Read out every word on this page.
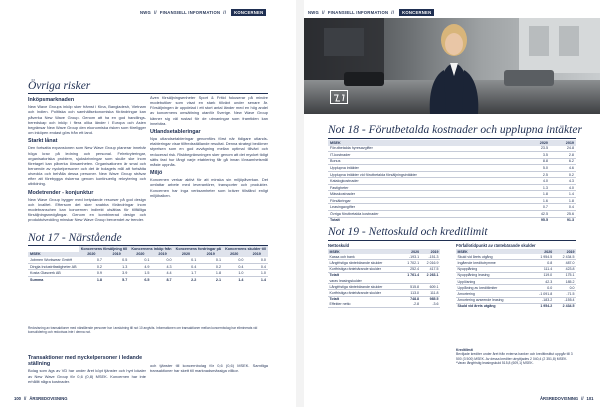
NWG // FINANSIELL INFORMATION // KONCERNEN
Övriga risker
Inköpsmarknaden

New Wave Groups inköp sker främst i Kina, Bangladesh, Vietnam och Indien. Politiska och samhällsekonomiska förändringar kan påverka New Wave Group. Genom att ha en god handlingsberedskap och inköp i flera olika länder i Europa och Asien begränsar New Wave Group den ekonomiska risken som föreligger om inköpen endast görs från ett land.

Starkt lånat

Den fortsatta expansionen som New Wave Group planerar innebär höga krav på ledning och personal. Felrekryteringar, organisatoriska problem, sjukskrivningar som skulle ske inom företaget kan påverka lönsamheten. Organisationen är smal och beroende av nyckelpersoner och det är bolagets mål att fortsätta utveckla och behålla dessa personer. New Wave Group strävar efter att förebygga riskerna genom kontinuerlig rekrytering och utbildning.

Modetrender - konjunktur

New Wave Group bygger med betydande resurser på god design och kvalitet. Eftersom det sker snabba förändringar inom modebranschen kan koncernen indirekt utsättas för tillfälliga försäljningsnedgångar. Genom en kombinerad design och produktutveckling minskar New Wave Group beroendet av trender.

Även försäljningsenheter Sport & Fritid fokuserar på mindre modebutiker som visat en stark tillväxt under senare år. Försäljningen är uppdelad i ett stort antal länder med en hög andel av koncernens omsättning utanför Sverige. New Wave Group känner sig väl rustad för de utmaningar som framtiden kan innebära.

Utlandsetableringar

Nya utlandsetableringar genomförs först när tidigare utlandsetableringar visar tillfredsställande resultat. Denna strategi bedömer styrelsen som en god avvägning mellan optimal tillväxt och reducerad risk. Riskbegränsningen sker genom att det mycket tidigt sätts fast hur långt varje etablering får gå innan lönsamhetsmål måste uppnås.

Miljö

Koncernen verkar aktivt för att minska sin miljöpåverkan. Det omfattar arbete med leverantörer, transporter och produkter. Koncernen har inga verksamheter som kräver tillstånd enligt miljöbalken.

Not 17 - Närstående
	Koncernens försäljning till		Koncernens inköp från		Koncernens fordringar på		Koncernens skulder till	
MSEK	2020	2019	2020	2019	2020	2019	2020	2019
Jobmen Workwear GmbH	0.7	0.5	0.1	0.0	0.1	0.1	0.0	0.0
Dingla Industrifastigheter AB	0.2	1.3	4.9	4.3	0.4	0.2	0.4	0.4
Kosta Glasverk AB	0.9	3.9	1.5	4.4	1.7	1.8	1.0	1.0
Summa	1.8	5.7	6.5	8.7	2.2	2.1	1.4	1.4
Redovisning av transaktioner med närstående personer har i anslutning till not 10 angivits. Informationen om transaktioner mellan koncernbolag har eliminerats vid konsolidering och redovisas inte i denna not.
Transaktioner med nyckelpersoner i ledande ställning

Bolag som ägs av VD har under året köpt tjänster och hyrt lokaler av New Wave Group för 0,6 (0,8) MSEK. Koncernen har inte erhållit några kostnader.

och tjänster till koncernbolag för 0,6 (0,6) MSEK. Samtliga transaktioner har skett till marknadsmässiga villkor.

100 // ÅRSREDOVISNING
NWG // FINANSIELL INFORMATION // KONCERNEN
Not 18 - Förutbetalda kostnader och upplupna intäkter
MSEK	2020	2019
Förutbetalda hyresavgifter	23.5	24.8
IT-kostnader	3.5	2.8
Bonus	8.8	6.2
Upplupna intäkter	5.0	4.6
Upplupna intäkter vid förutbetalda försäljningsintäkter	2.5	0.2
Katalogkostnader	4.0	4.3
Fastigheter	1.3	4.0
Mässkostnader	1.8	1.4
Försäkringar	1.6	1.8
Leasingavgifter	0.7	0.4
Övriga förutbetalda kostnader	42.5	25.6
Totalt	95.5	91.3
Not 19 - Nettoskuld och kreditlimit
Nettoskuld		
MSEK	2020	2019
Kassa och bank	-193.1	-151.3
Långfristiga räntebärande skulder	1 702.1	2 016.9
Kortfristiga räntebärande skulder	252.4	417.5
Totalt	1 761.4	2 263.1

varav leasingskulder		
Långfristiga räntebärande skulder	515.8	609.1
Kortfristiga räntebärande skulder	113.0	111.8
Totalt	748.8	985.5

Effekter netto	-2.8	-3.6
Förfallotidpunkt av räntebärande skulder		
MSEK	2020	2019
Skuld vid årets utgång	1 954.5	2 434.5
Ingående kreditutrymme	0.8	487.0
Nyupplåning	111.4	423.8
Nyupplåning leasing	119.0	175.1
Upplösning	42.3	185.2
Upplåning av kreditlimiter	0.0	0.0
Amortering	-1 091.8	-71.5
Amortering avseende leasing	-183.2	-155.4
Skuld vid årets utgång	1 954.2	2 434.5
Kreditlimit
Beviljade krediter under året från externa banker och kreditinstitut uppgår till 3 500 (3 500) MSEK. Av dessa krediter utnyttjades 2 040,4 (2 351,8) MSEK.
*Varav långfristig leasingskuld 515,8 (609,1) MSEK.
ÅRSREDOVISNING // 101
